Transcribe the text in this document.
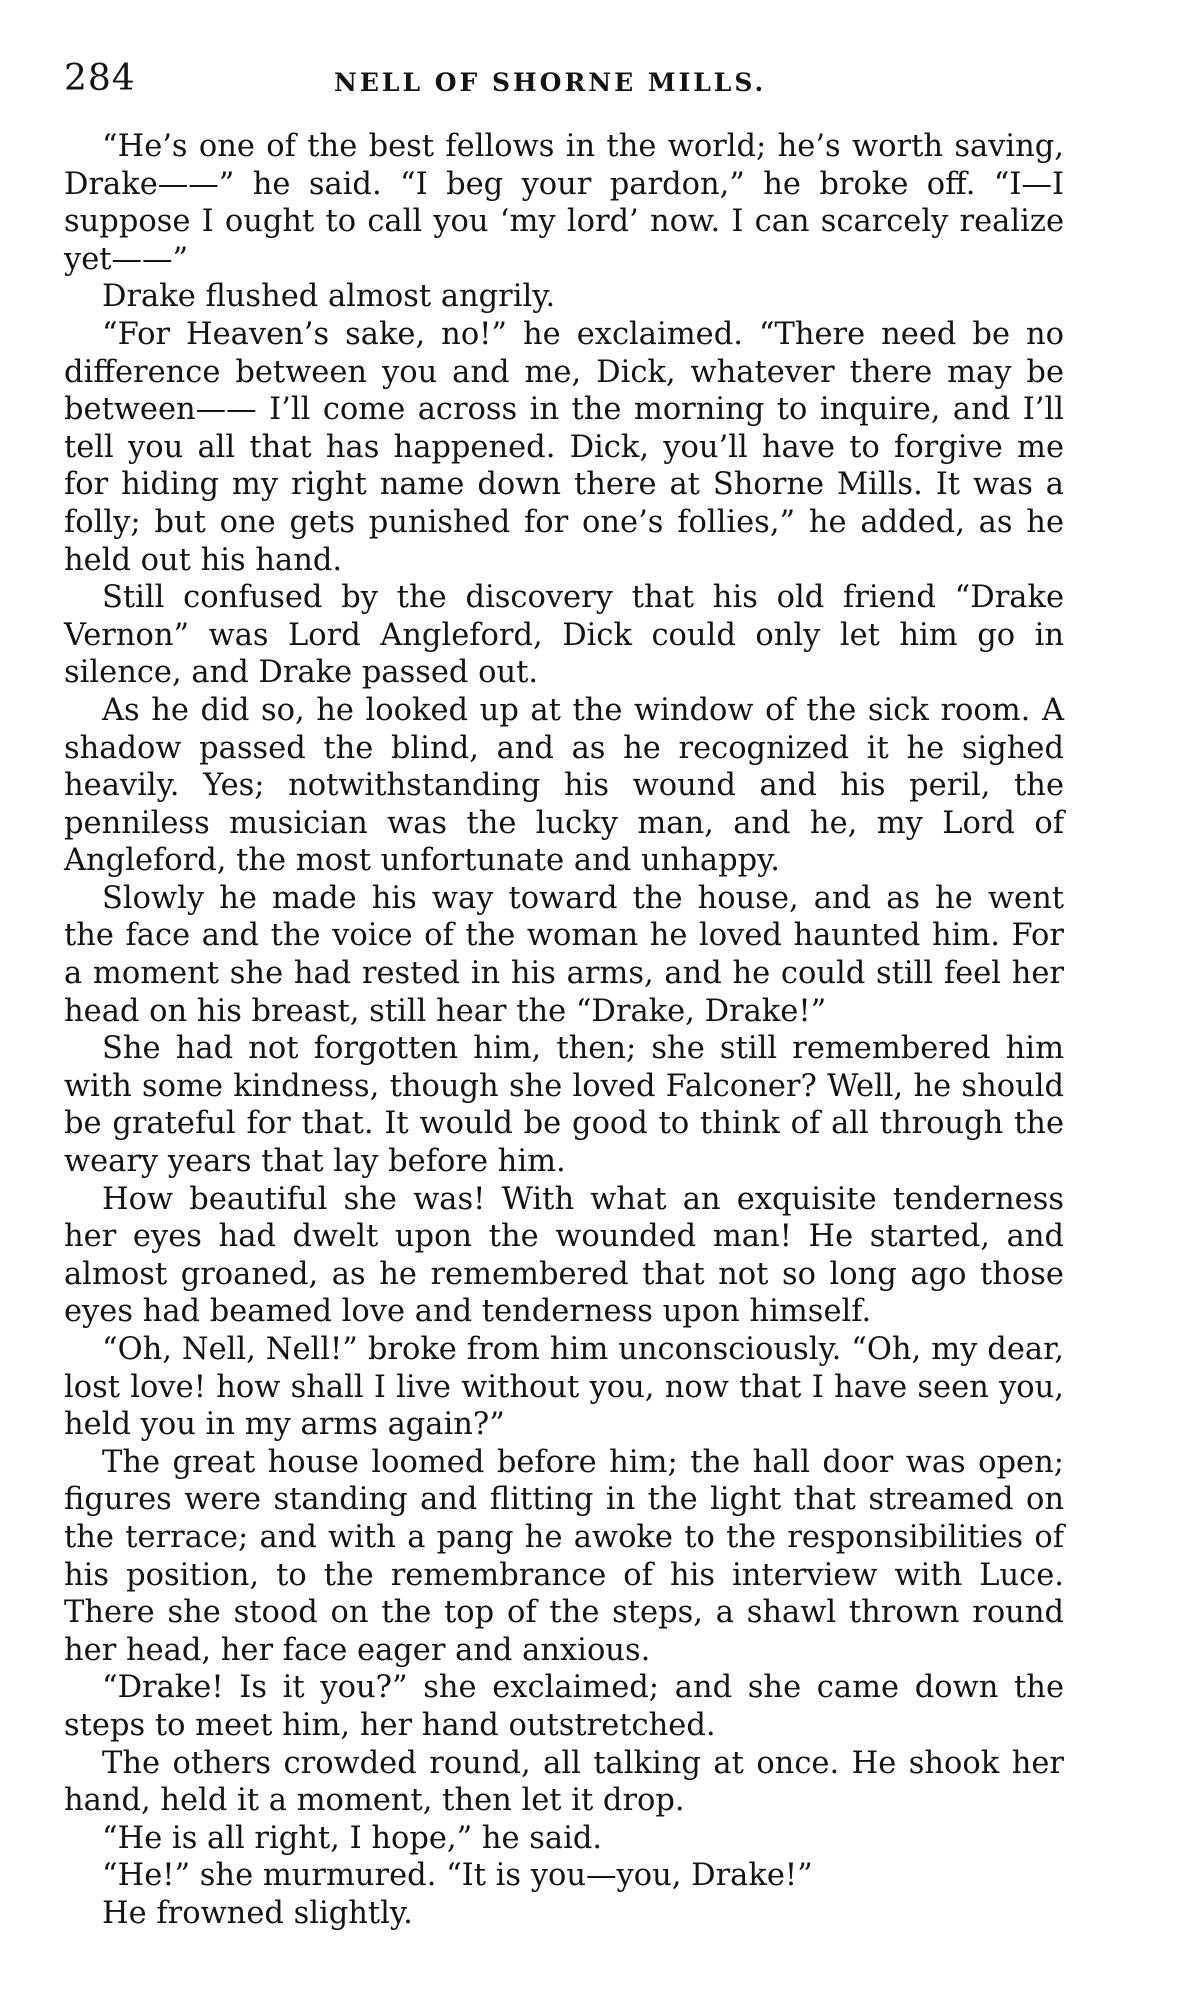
284	NELL OF SHORNE MILLS.

“He’s one of the best fellows in the world; he’s worth saving, Drake——” he said. “I beg your pardon,” he broke off. “I—I suppose I ought to call you ‘my lord’ now. I can scarcely realize yet——”

Drake flushed almost angrily.

“For Heaven’s sake, no!” he exclaimed. “There need be no difference between you and me, Dick, whatever there may be between—— I’ll come across in the morning to inquire, and I’ll tell you all that has happened. Dick, you’ll have to forgive me for hiding my right name down there at Shorne Mills. It was a folly; but one gets punished for one’s follies,” he added, as he held out his hand.

Still confused by the discovery that his old friend “Drake Vernon” was Lord Angleford, Dick could only let him go in silence, and Drake passed out.

As he did so, he looked up at the window of the sick room. A shadow passed the blind, and as he recognized it he sighed heavily. Yes; notwithstanding his wound and his peril, the penniless musician was the lucky man, and he, my Lord of Angleford, the most unfortunate and unhappy.

Slowly he made his way toward the house, and as he went the face and the voice of the woman he loved haunted him. For a moment she had rested in his arms, and he could still feel her head on his breast, still hear the “Drake, Drake!”

She had not forgotten him, then; she still remembered him with some kindness, though she loved Falconer? Well, he should be grateful for that. It would be good to think of all through the weary years that lay before him.

How beautiful she was! With what an exquisite tenderness her eyes had dwelt upon the wounded man! He started, and almost groaned, as he remembered that not so long ago those eyes had beamed love and tenderness upon himself.

“Oh, Nell, Nell!” broke from him unconsciously. “Oh, my dear, lost love! how shall I live without you, now that I have seen you, held you in my arms again?”

The great house loomed before him; the hall door was open; figures were standing and flitting in the light that streamed on the terrace; and with a pang he awoke to the responsibilities of his position, to the remembrance of his interview with Luce. There she stood on the top of the steps, a shawl thrown round her head, her face eager and anxious.

“Drake! Is it you?” she exclaimed; and she came down the steps to meet him, her hand outstretched.

The others crowded round, all talking at once. He shook her hand, held it a moment, then let it drop.

“He is all right, I hope,” he said.

“He!” she murmured. “It is you—you, Drake!”

He frowned slightly.
